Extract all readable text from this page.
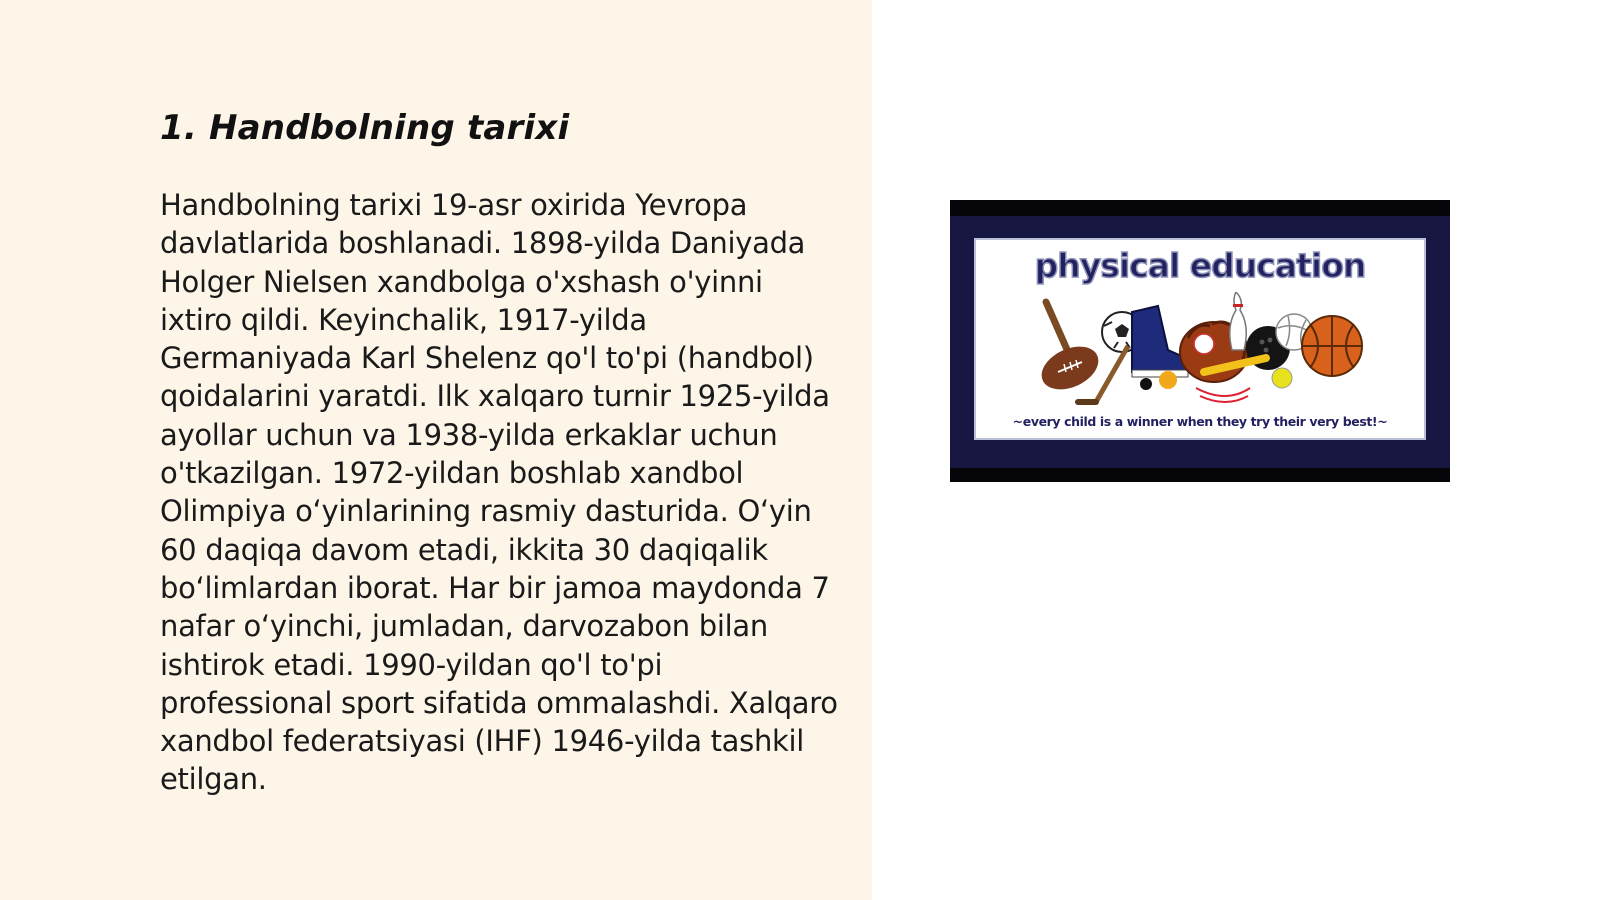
1. Handbolning tarixi

Handbolning tarixi 19-asr oxirida Yevropa davlatlarida boshlanadi. 1898-yilda Daniyada Holger Nielsen xandbolga o'xshash o'yinni ixtiro qildi. Keyinchalik, 1917-yilda Germaniyada Karl Shelenz qo'l to'pi (handbol) qoidalarini yaratdi. Ilk xalqaro turnir 1925-yilda ayollar uchun va 1938-yilda erkaklar uchun o'tkazilgan. 1972-yildan boshlab xandbol Olimpiya o‘yinlarining rasmiy dasturida. O‘yin 60 daqiqa davom etadi, ikkita 30 daqiqalik bo‘limlardan iborat. Har bir jamoa maydonda 7 nafar o‘yinchi, jumladan, darvozabon bilan ishtirok etadi. 1990-yildan qo'l to'pi professional sport sifatida ommalashdi. Xalqaro xandbol federatsiyasi (IHF) 1946-yilda tashkil etilgan.

physical education
~every child is a winner when they try their very best!~
